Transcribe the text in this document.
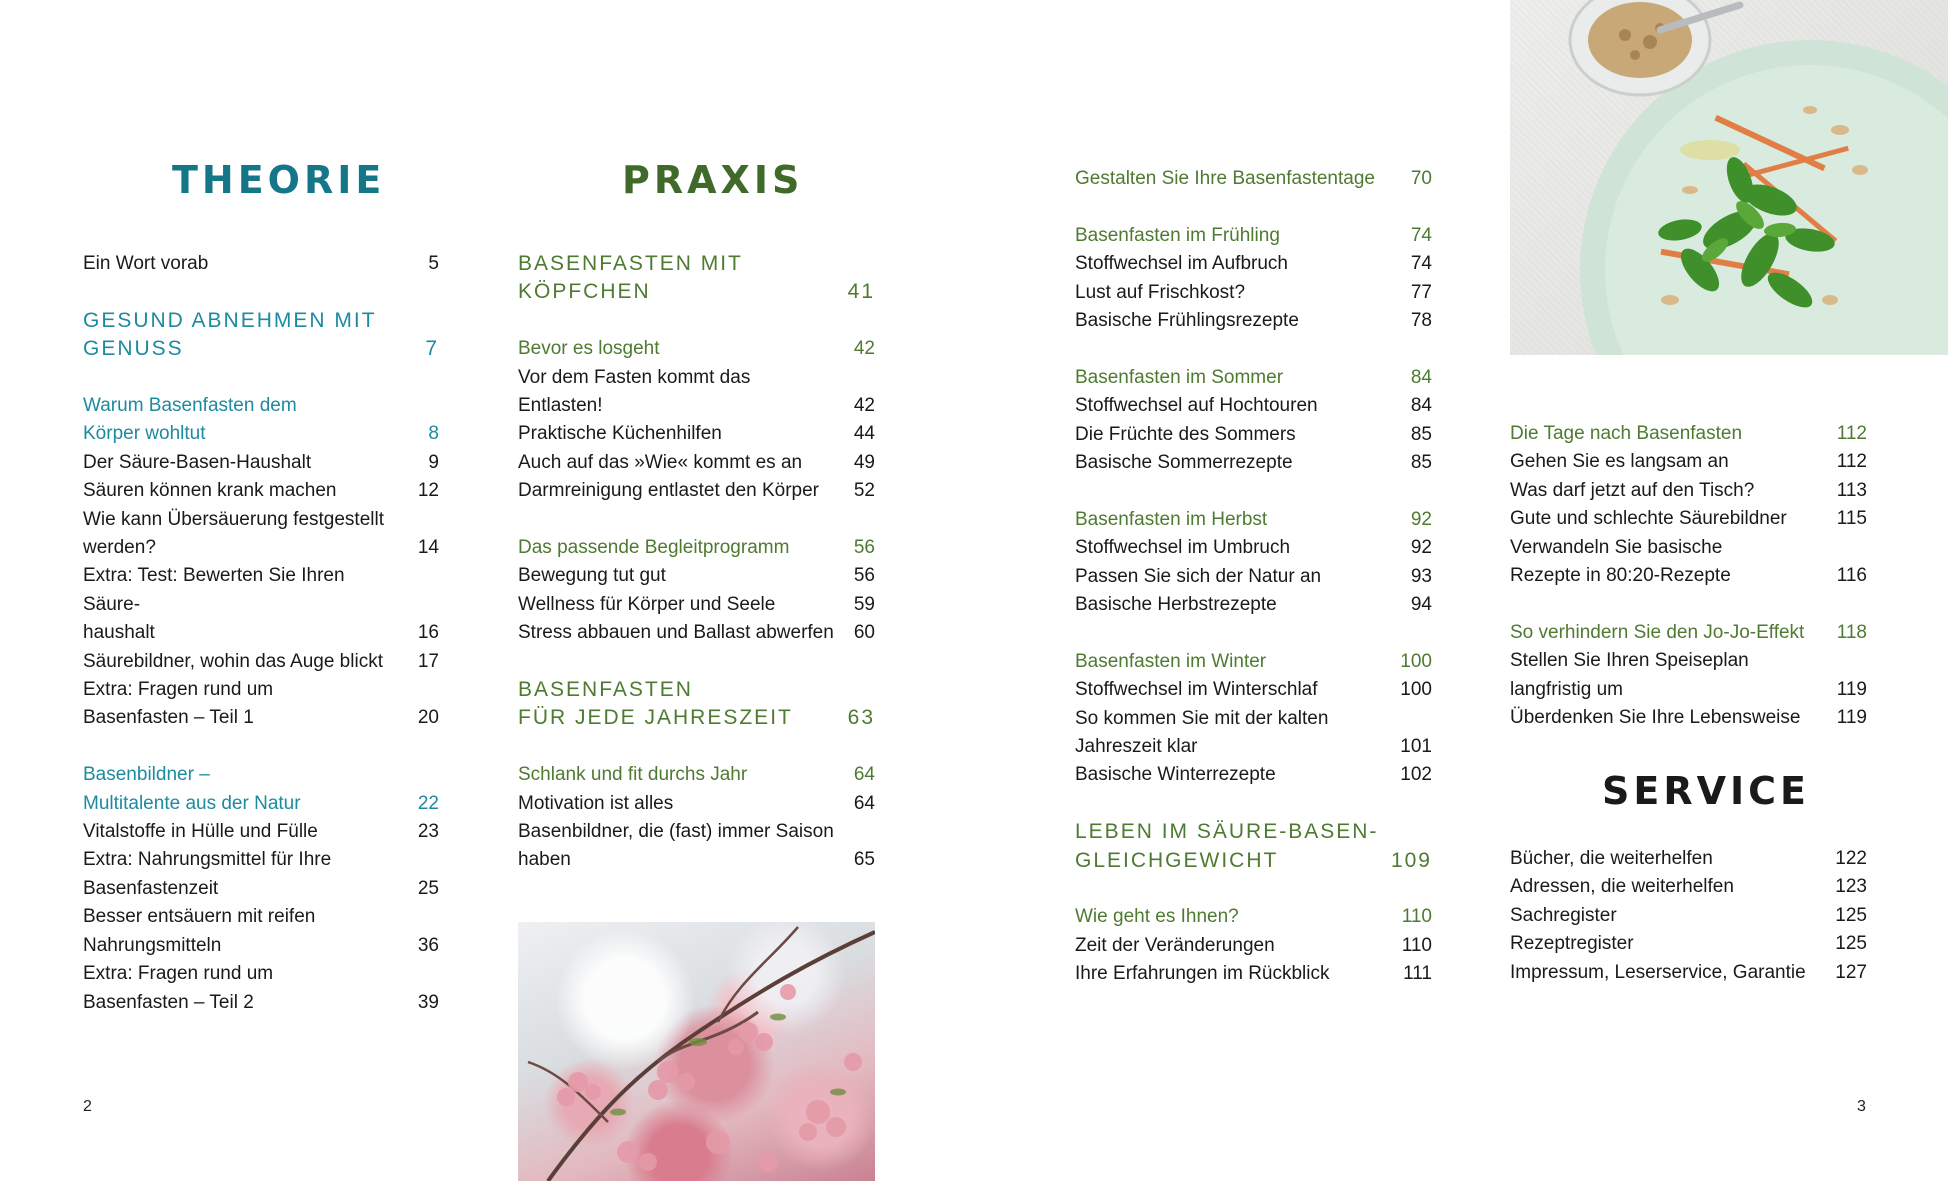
THEORIE	PRAXIS
SERVICE
Ein Wort vorab	5
GESUND ABNEHMEN MIT
GENUSS	7
Warum Basenfasten dem
Körper wohltut	8
Der Säure-Basen-Haushalt	9
Säuren können krank machen	12
Wie kann Übersäuerung festgestellt
werden?	14
Extra: Test: Bewerten Sie Ihren Säure-
haushalt	16
Säurebildner, wohin das Auge blickt	17
Extra: Fragen rund um
Basenfasten – Teil 1	20
Basenbildner –
Multitalente aus der Natur	22
Vitalstoffe in Hülle und Fülle	23
Extra: Nahrungsmittel für Ihre
Basenfastenzeit	25
Besser entsäuern mit reifen
Nahrungsmitteln	36
Extra: Fragen rund um
Basenfasten – Teil 2	39
BASENFASTEN MIT
KÖPFCHEN	41
Bevor es losgeht	42
Vor dem Fasten kommt das
Entlasten!	42
Praktische Küchenhilfen	44
Auch auf das »Wie« kommt es an	49
Darmreinigung entlastet den Körper	52
Das passende Begleitprogramm	56
Bewegung tut gut	56
Wellness für Körper und Seele	59
Stress abbauen und Ballast abwerfen	60
BASENFASTEN
FÜR JEDE JAHRESZEIT	63
Schlank und fit durchs Jahr	64
Motivation ist alles	64
Basenbildner, die (fast) immer Saison
haben	65
Gestalten Sie Ihre Basenfastentage	70
Basenfasten im Frühling	74
Stoffwechsel im Aufbruch	74
Lust auf Frischkost?	77
Basische Frühlingsrezepte	78
Basenfasten im Sommer	84
Stoffwechsel auf Hochtouren	84
Die Früchte des Sommers	85
Basische Sommerrezepte	85
Basenfasten im Herbst	92
Stoffwechsel im Umbruch	92
Passen Sie sich der Natur an	93
Basische Herbstrezepte	94
Basenfasten im Winter	100
Stoffwechsel im Winterschlaf	100
So kommen Sie mit der kalten
Jahreszeit klar	101
Basische Winterrezepte	102
LEBEN IM SÄURE-BASEN-
GLEICHGEWICHT	109
Wie geht es Ihnen?	110
Zeit der Veränderungen	110
Ihre Erfahrungen im Rückblick	111
Die Tage nach Basenfasten	112
Gehen Sie es langsam an	112
Was darf jetzt auf den Tisch?	113
Gute und schlechte Säurebildner	115
Verwandeln Sie basische
Rezepte in 80:20-Rezepte	116
So verhindern Sie den Jo-Jo-Effekt	118
Stellen Sie Ihren Speiseplan
langfristig um	119
Überdenken Sie Ihre Lebensweise	119
Bücher, die weiterhelfen	122
Adressen, die weiterhelfen	123
Sachregister	125
Rezeptregister	125
Impressum, Leserservice, Garantie	127
2	3
